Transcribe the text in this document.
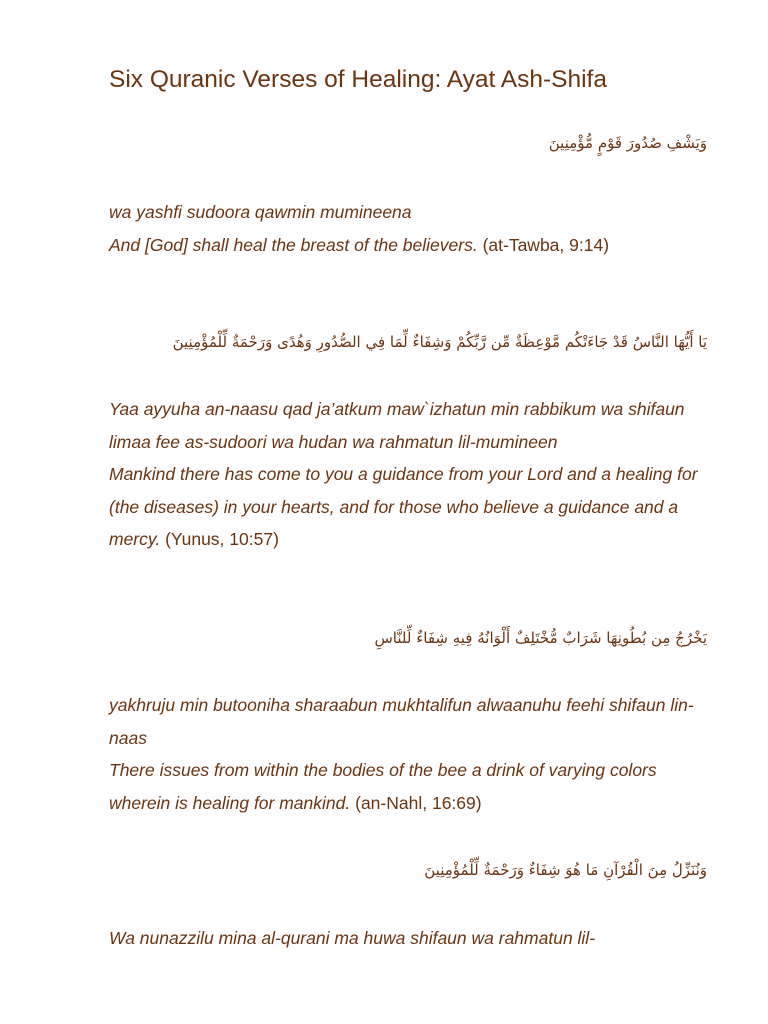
Six Quranic Verses of Healing: Ayat Ash-Shifa
وَيَشْفِ صُدُورَ قَوْمٍ مُّؤْمِنِينَ
wa yashfi sudoora qawmin mumineena
And [God] shall heal the breast of the believers. (at-Tawba, 9:14)
يَا أَيُّهَا النَّاسُ قَدْ جَاءَتْكُم مَّوْعِظَةٌ مِّن رَّبِّكُمْ وَشِفَاءٌ لِّمَا فِي الصُّدُورِ وَهُدًى وَرَحْمَةٌ لِّلْمُؤْمِنِينَ
Yaa ayyuha an-naasu qad ja’atkum maw`izhatun min rabbikum wa shifaun limaa fee as-sudoori wa hudan wa rahmatun lil-mumineen
Mankind there has come to you a guidance from your Lord and a healing for (the diseases) in your hearts, and for those who believe a guidance and a mercy. (Yunus, 10:57)
يَخْرُجُ مِن بُطُونِهَا شَرَابٌ مُّخْتَلِفٌ أَلْوَانُهُ فِيهِ شِفَاءٌ لِّلنَّاسِ
yakhruju min butooniha sharaabun mukhtalifun alwaanuhu feehi shifaun lin-naas
There issues from within the bodies of the bee a drink of varying colors wherein is healing for mankind. (an-Nahl, 16:69)
وَنُنَزِّلُ مِنَ الْقُرْآنِ مَا هُوَ شِفَاءٌ وَرَحْمَةٌ لِّلْمُؤْمِنِينَ
Wa nunazzilu mina al-qurani ma huwa shifaun wa rahmatun lil-
